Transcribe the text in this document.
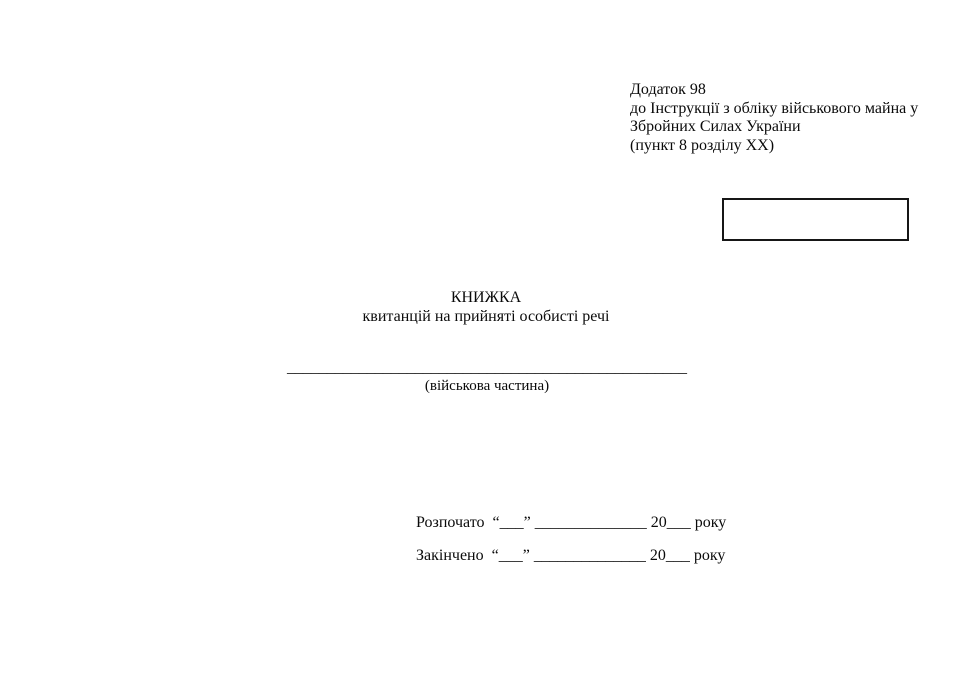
Додаток 98
до Інструкції з обліку військового майна у
Збройних Силах України
(пункт 8 розділу XX)
КНИЖКА
квитанцій на прийняті особисті речі
__________________________________________________
(військова частина)
Розпочато  “___” ______________ 20___ року
Закінчено  “___” ______________ 20___ року
